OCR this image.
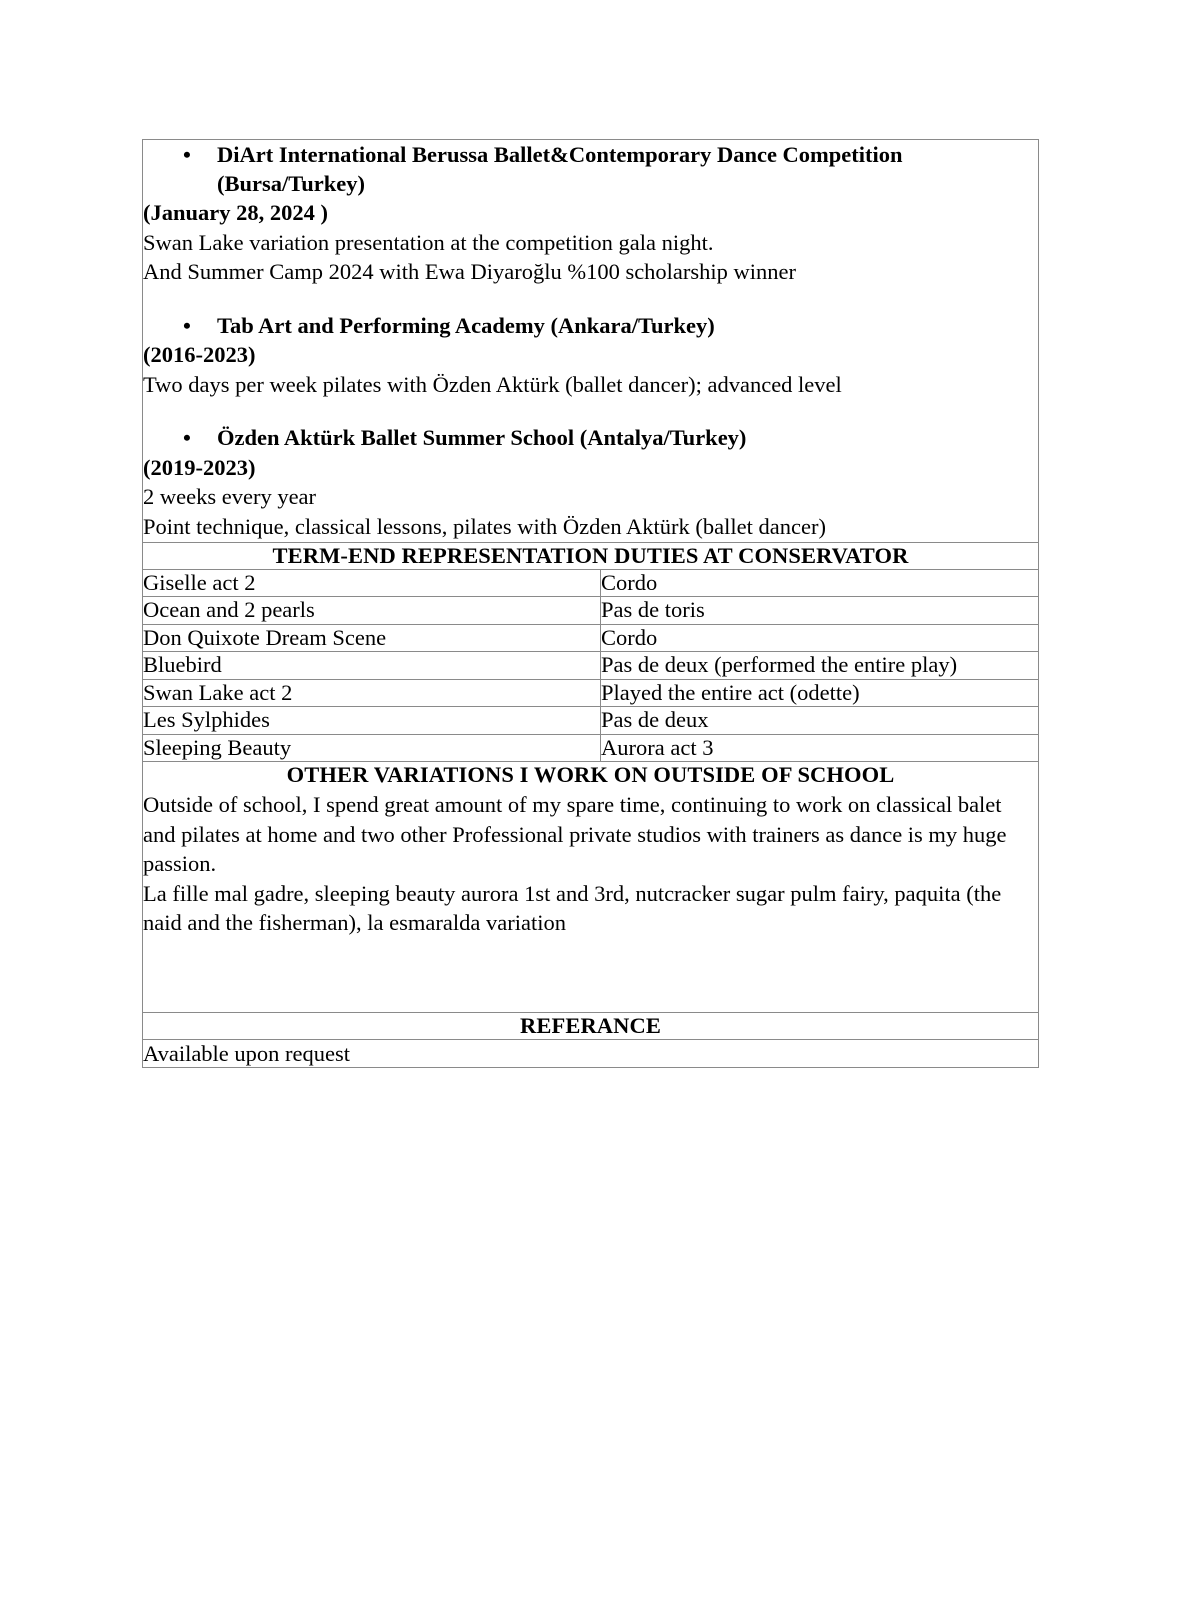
•	DiArt International Berussa Ballet&Contemporary Dance Competition (Bursa/Turkey)
(January 28, 2024 )
Swan Lake variation presentation at the competition gala night.
And Summer Camp 2024 with Ewa Diyaroğlu %100 scholarship winner
•	Tab Art and Performing Academy (Ankara/Turkey)
(2016-2023)
Two days per week pilates with Özden Aktürk (ballet dancer); advanced level
•	Özden Aktürk Ballet Summer School (Antalya/Turkey)
(2019-2023)
2 weeks every year
Point technique, classical lessons, pilates with Özden Aktürk (ballet dancer)

TERM-END REPRESENTATION DUTIES AT CONSERVATOR	
Giselle act 2	Cordo
Ocean and 2 pearls	Pas de toris
Don Quixote Dream Scene	Cordo
Bluebird	Pas de deux (performed the entire play)
Swan Lake act 2	Played the entire act (odette)
Les Sylphides	Pas de deux
Sleeping Beauty	Aurora act 3

OTHER VARIATIONS I WORK ON OUTSIDE OF SCHOOL
Outside of school, I spend great amount of my spare time, continuing to work on classical balet and pilates at home and two other Professional private studios with trainers as dance is my huge passion.
La fille mal gadre, sleeping beauty aurora 1st and 3rd, nutcracker sugar pulm fairy, paquita (the naid and the fisherman), la esmaralda variation	

REFERANCE	
Available upon request	
